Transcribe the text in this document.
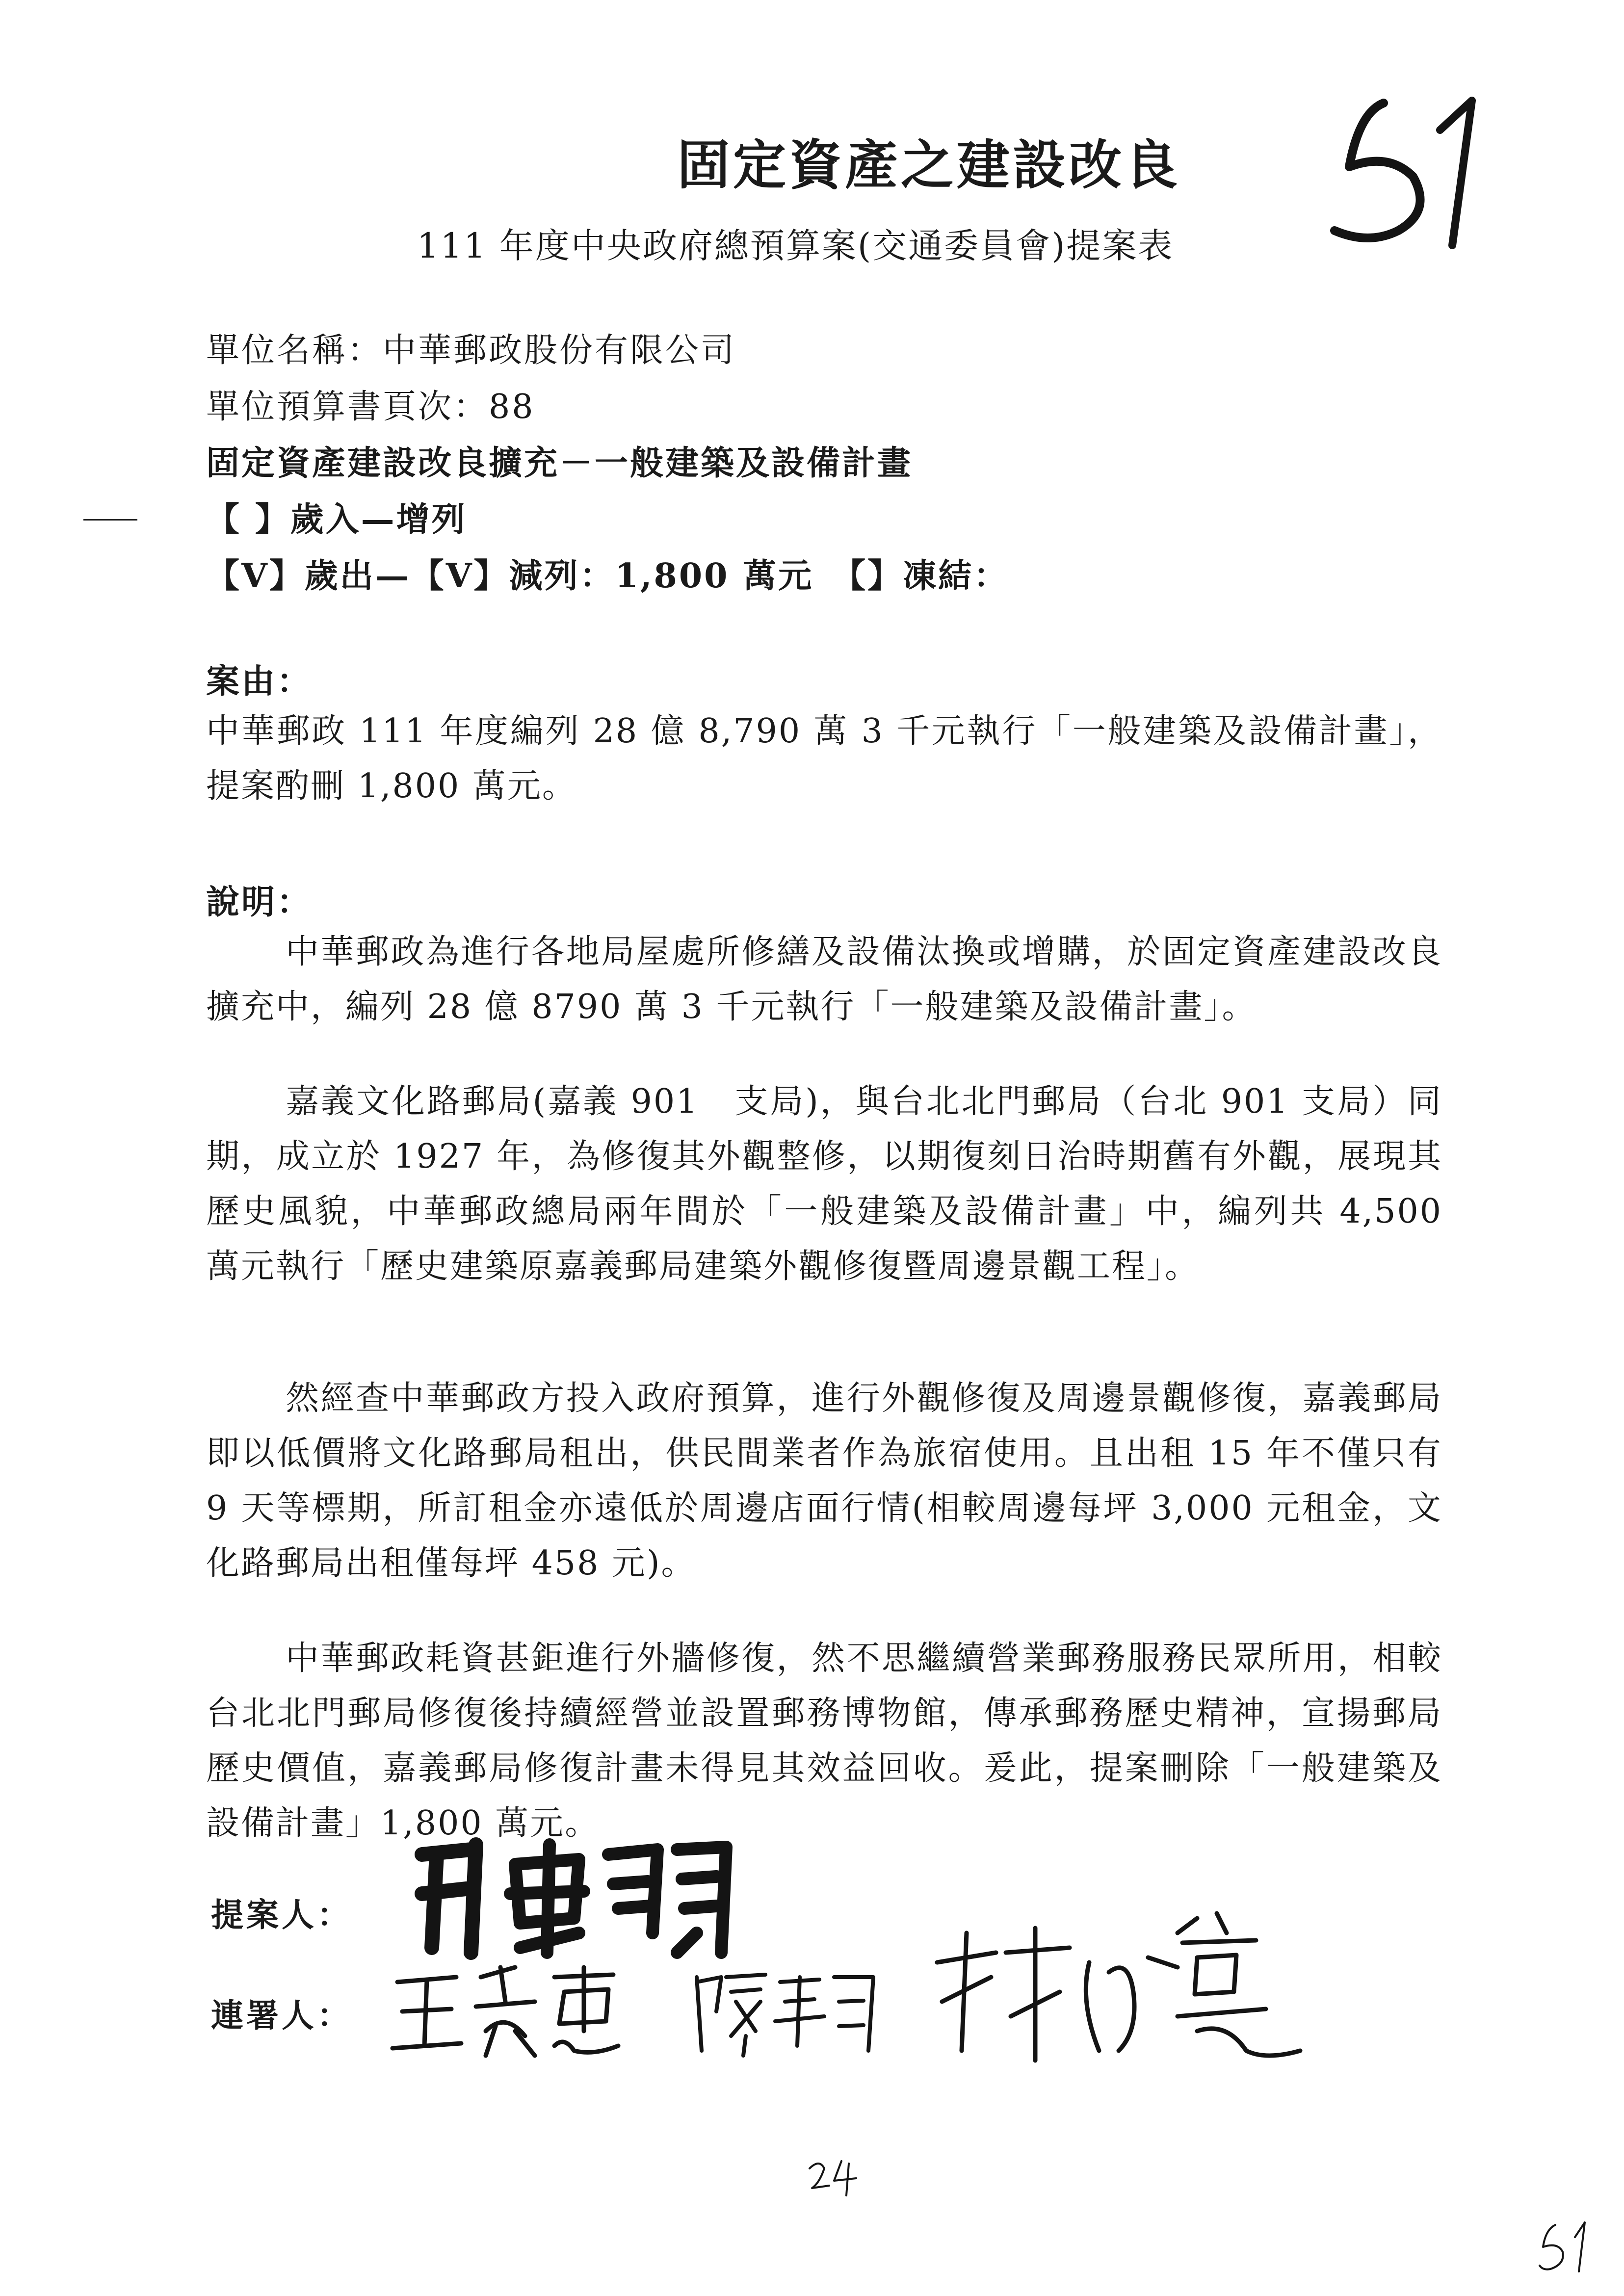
固定資產之建設改良
111 年度中央政府總預算案(交通委員會)提案表
單位名稱：中華郵政股份有限公司
單位預算書頁次：88
固定資產建設改良擴充－一般建築及設備計畫
【 】歲入—增列
【V】歲出—【V】減列：1,800 萬元　【】凍結：
案由：
中華郵政 111 年度編列 28 億 8,790 萬 3 千元執行「一般建築及設備計畫」，提案酌刪 1,800 萬元。
說明：
中華郵政為進行各地局屋處所修繕及設備汰換或增購，於固定資產建設改良擴充中，編列 28 億 8790 萬 3 千元執行「一般建築及設備計畫」。
嘉義文化路郵局(嘉義 901　支局)，與台北北門郵局（台北 901 支局）同期，成立於 1927 年，為修復其外觀整修，以期復刻日治時期舊有外觀，展現其歷史風貌，中華郵政總局兩年間於「一般建築及設備計畫」中，編列共 4,500 萬元執行「歷史建築原嘉義郵局建築外觀修復暨周邊景觀工程」。
然經查中華郵政方投入政府預算，進行外觀修復及周邊景觀修復，嘉義郵局即以低價將文化路郵局租出，供民間業者作為旅宿使用。且出租 15 年不僅只有 9 天等標期，所訂租金亦遠低於周邊店面行情(相較周邊每坪 3,000 元租金，文化路郵局出租僅每坪 458 元)。
中華郵政耗資甚鉅進行外牆修復，然不思繼續營業郵務服務民眾所用，相較台北北門郵局修復後持續經營並設置郵務博物館，傳承郵務歷史精神，宣揚郵局歷史價值，嘉義郵局修復計畫未得見其效益回收。爰此，提案刪除「一般建築及設備計畫」1,800 萬元。
提案人：
連署人：
